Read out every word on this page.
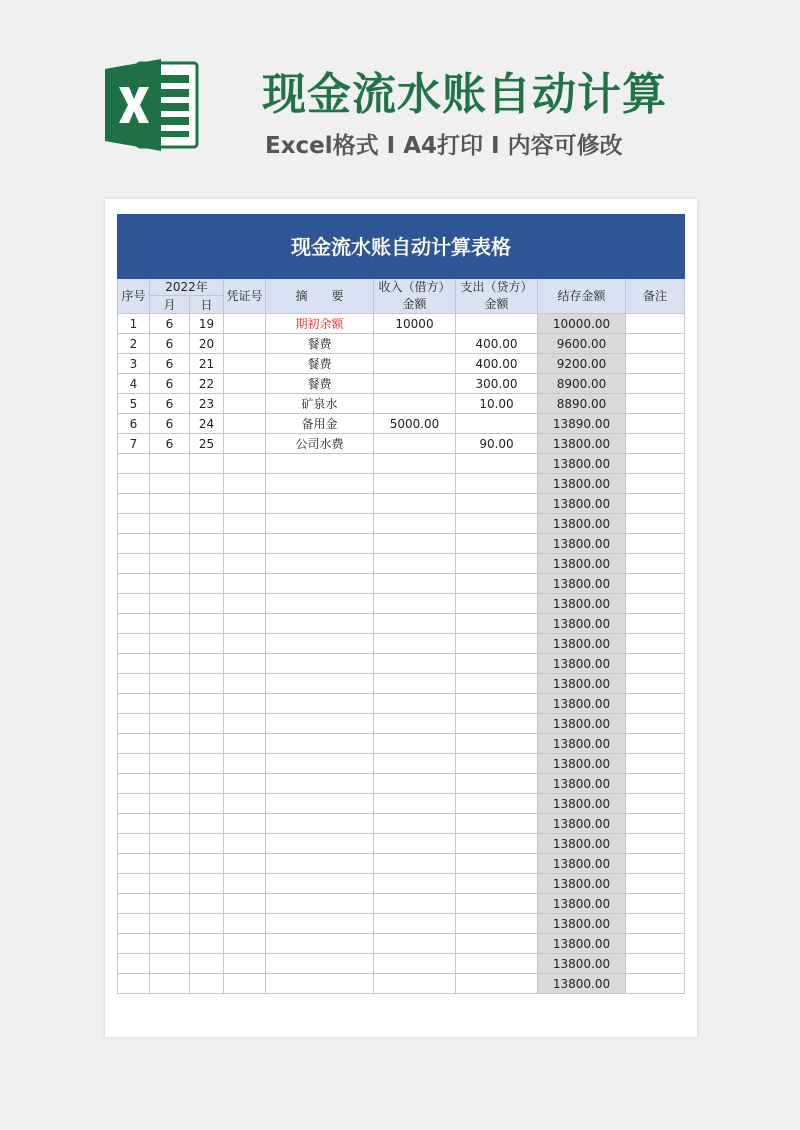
现金流水账自动计算
Excel格式 I A4打印 I 内容可修改
现金流水账自动计算表格								
序号	2022年		凭证号	摘　　要	收入（借方）金额	支出（贷方）金额	结存金额	备注
	月	日						
1	6	19		期初余额	10000		10000.00	
2	6	20		餐费		400.00	9600.00	
3	6	21		餐费		400.00	9200.00	
4	6	22		餐费		300.00	8900.00	
5	6	23		矿泉水		10.00	8890.00	
6	6	24		备用金	5000.00		13890.00	
7	6	25		公司水费		90.00	13800.00	
							13800.00	
							13800.00	
							13800.00	
							13800.00	
							13800.00	
							13800.00	
							13800.00	
							13800.00	
							13800.00	
							13800.00	
							13800.00	
							13800.00	
							13800.00	
							13800.00	
							13800.00	
							13800.00	
							13800.00	
							13800.00	
							13800.00	
							13800.00	
							13800.00	
							13800.00	
							13800.00	
							13800.00	
							13800.00	
							13800.00	
							13800.00	
